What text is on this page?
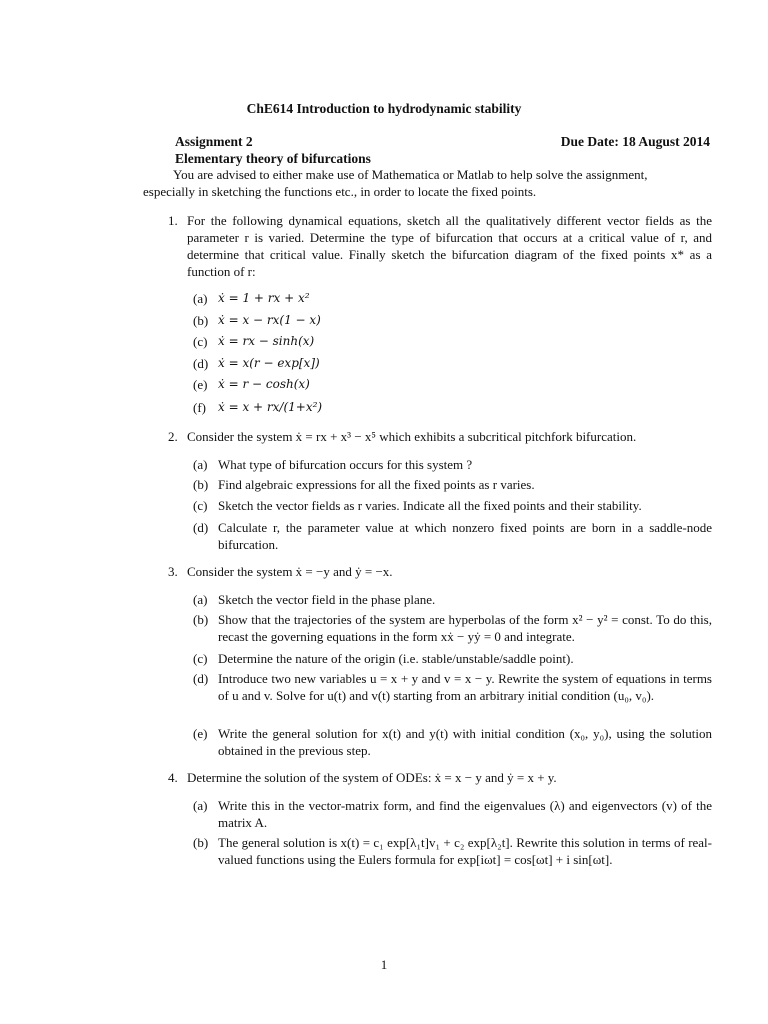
ChE614 Introduction to hydrodynamic stability
Assignment 2	Due Date: 18 August 2014
Elementary theory of bifurcations
You are advised to either make use of Mathematica or Matlab to help solve the assignment,
especially in sketching the functions etc., in order to locate the fixed points.
1. For the following dynamical equations, sketch all the qualitatively different vector fields as the parameter r is varied. Determine the type of bifurcation that occurs at a critical value of r, and determine that critical value. Finally sketch the bifurcation diagram of the fixed points x* as a function of r:
(a) ẋ = 1 + rx + x²
(b) ẋ = x − rx(1 − x)
(c) ẋ = rx − sinh(x)
(d) ẋ = x(r − exp[x])
(e) ẋ = r − cosh(x)
(f) ẋ = x + rx/(1+x²)
2. Consider the system ẋ = rx + x³ − x⁵ which exhibits a subcritical pitchfork bifurcation.
(a) What type of bifurcation occurs for this system ?
(b) Find algebraic expressions for all the fixed points as r varies.
(c) Sketch the vector fields as r varies. Indicate all the fixed points and their stability.
(d) Calculate r, the parameter value at which nonzero fixed points are born in a saddle-node bifurcation.
3. Consider the system ẋ = −y and ẏ = −x.
(a) Sketch the vector field in the phase plane.
(b) Show that the trajectories of the system are hyperbolas of the form x² − y² = const. To do this, recast the governing equations in the form xẋ − yẏ = 0 and integrate.
(c) Determine the nature of the origin (i.e. stable/unstable/saddle point).
(d) Introduce two new variables u = x + y and v = x − y. Rewrite the system of equations in terms of u and v. Solve for u(t) and v(t) starting from an arbitrary initial condition (u₀, v₀).
(e) Write the general solution for x(t) and y(t) with initial condition (x₀, y₀), using the solution obtained in the previous step.
4. Determine the solution of the system of ODEs: ẋ = x − y and ẏ = x + y.
(a) Write this in the vector-matrix form, and find the eigenvalues (λ) and eigenvectors (v) of the matrix A.
(b) The general solution is x(t) = c₁ exp[λ₁t]v₁ + c₂ exp[λ₂t]. Rewrite this solution in terms of real-valued functions using the Eulers formula for exp[iωt] = cos[ωt] + i sin[ωt].
1
